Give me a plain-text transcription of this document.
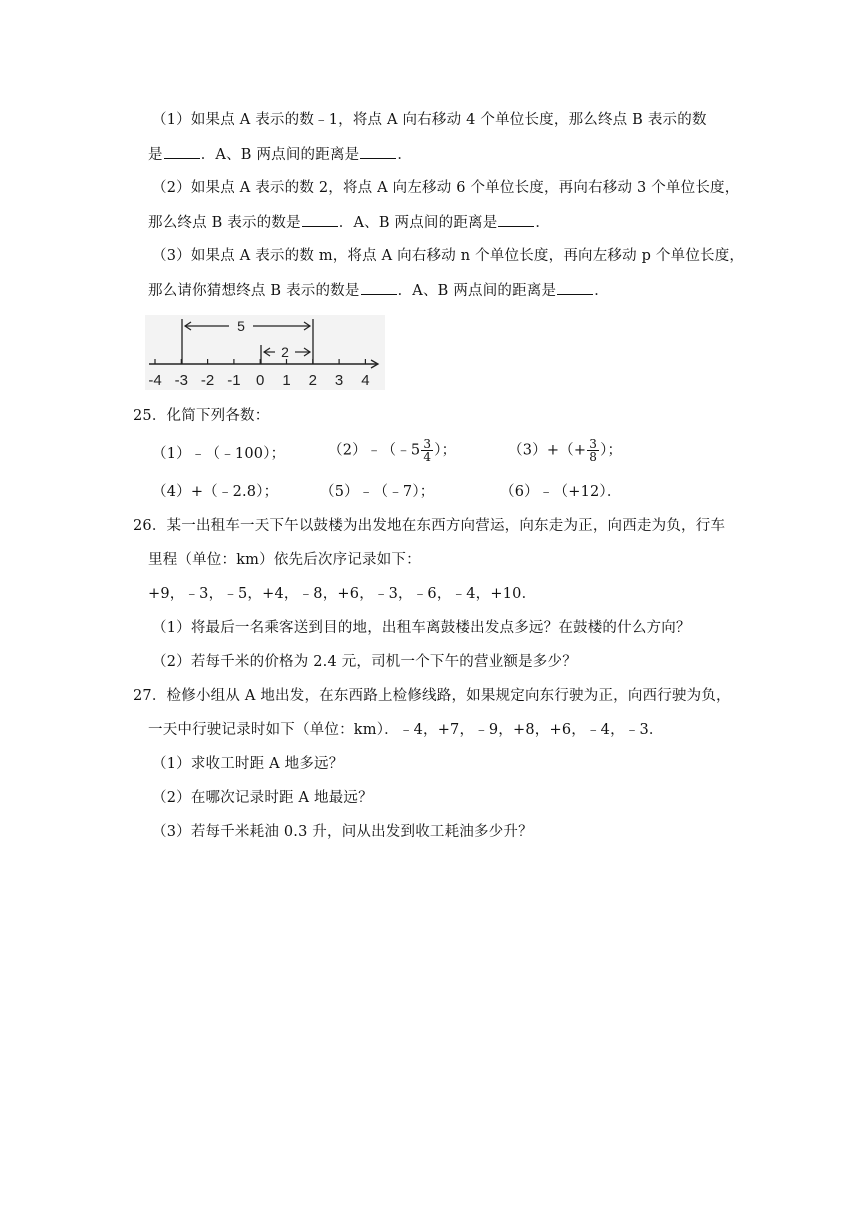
（1）如果点 A 表示的数﹣1，将点 A 向右移动 4 个单位长度，那么终点 B 表示的数
是	．A、B 两点间的距离是	．
（2）如果点 A 表示的数 2，将点 A 向左移动 6 个单位长度，再向右移动 3 个单位长度，
那么终点 B 表示的数是	．A、B 两点间的距离是	．
（3）如果点 A 表示的数 m，将点 A 向右移动 n 个单位长度，再向左移动 p 个单位长度，
那么请你猜想终点 B 表示的数是	．A、B 两点间的距离是	．
5
2
-4 -3 -2 -1 0 1 2 3 4
25．化简下列各数：
（1）﹣（﹣100）；	（2）﹣（﹣5 $\frac{3}{4}$ ）；	$(3)+(+ \frac{3}{8}$ ）；
（4）+（﹣2.8）；	（5）﹣（﹣7）；	（6）﹣（+12）．
26．某一出租车一天下午以鼓楼为出发地在东西方向营运，向东走为正，向西走为负，行车
里程（单位：km）依先后次序记录如下：
+9，﹣3，﹣5，+4，﹣8，+6，﹣3，﹣6，﹣4，+10．
（1）将最后一名乘客送到目的地，出租车离鼓楼出发点多远？在鼓楼的什么方向？
（2）若每千米的价格为 2.4 元，司机一个下午的营业额是多少？
27．检修小组从 A 地出发，在东西路上检修线路，如果规定向东行驶为正，向西行驶为负，
一天中行驶记录时如下（单位：km）．﹣4，+7，﹣9，+8，+6，﹣4，﹣3．
（1）求收工时距 A 地多远？
（2）在哪次记录时距 A 地最远？
（3）若每千米耗油 0.3 升，问从出发到收工耗油多少升？
